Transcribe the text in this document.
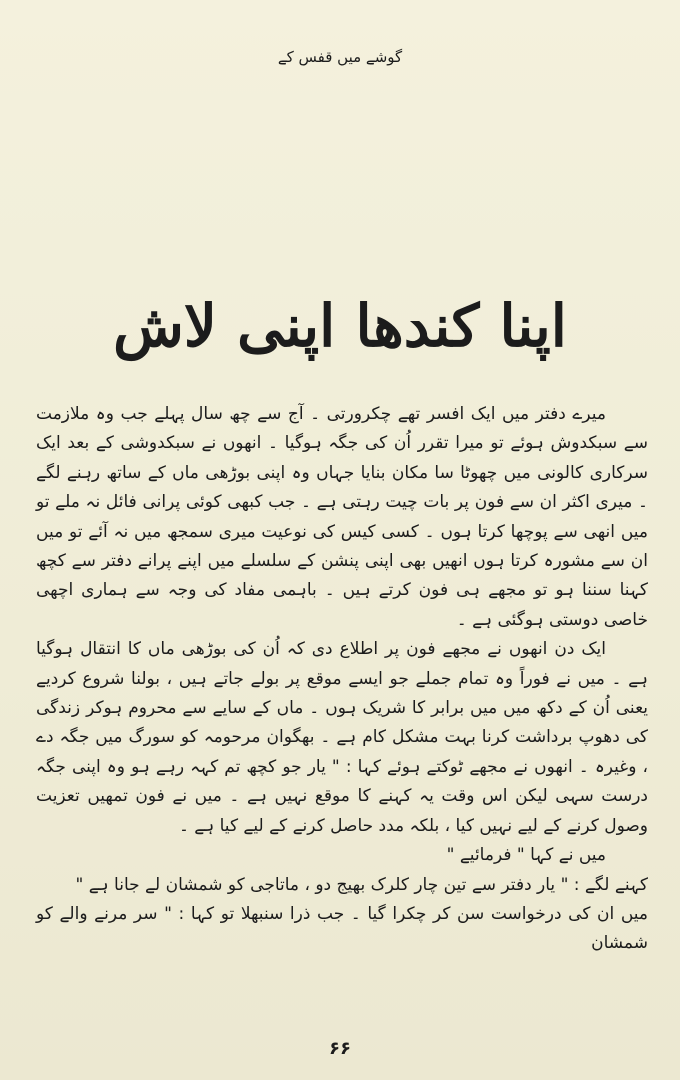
گوشے میں قفس کے
اپنا کندھا اپنی لاش

میرے دفتر میں ایک افسر تھے چکرورتی ۔ آج سے چھ سال پہلے جب وہ ملازمت سے سبکدوش ہوئے تو میرا تقرر اُن کی جگہ ہوگیا ۔ انھوں نے سبکدوشی کے بعد ایک سرکاری کالونی میں چھوٹا سا مکان بنایا جہاں وہ اپنی بوڑھی ماں کے ساتھ رہنے لگے ۔ میری اکثر ان سے فون پر بات چیت رہتی ہے ۔ جب کبھی کوئی پرانی فائل نہ ملے تو میں انھی سے پوچھا کرتا ہوں ۔ کسی کیس کی نوعیت میری سمجھ میں نہ آئے تو میں ان سے مشورہ کرتا ہوں انھیں بھی اپنی پنشن کے سلسلے میں اپنے پرانے دفتر سے کچھ کہنا سننا ہو تو مجھے ہی فون کرتے ہیں ۔ باہمی مفاد کی وجہ سے ہماری اچھی خاصی دوستی ہوگئی ہے ۔

ایک دن انھوں نے مجھے فون پر اطلاع دی کہ اُن کی بوڑھی ماں کا انتقال ہوگیا ہے ۔ میں نے فوراً وہ تمام جملے جو ایسے موقع پر بولے جاتے ہیں ، بولنا شروع کردیے یعنی اُن کے دکھ میں میں برابر کا شریک ہوں ۔ ماں کے سایے سے محروم ہوکر زندگی کی دھوپ برداشت کرنا بہت مشکل کام ہے ۔ بھگوان مرحومہ کو سورگ میں جگہ دے ، وغیرہ ۔ انھوں نے مجھے ٹوکتے ہوئے کہا : " یار جو کچھ تم کہہ رہے ہو وہ اپنی جگہ درست سہی لیکن اس وقت یہ کہنے کا موقع نہیں ہے ۔ میں نے فون تمھیں تعزیت وصول کرنے کے لیے نہیں کیا ، بلکہ مدد حاصل کرنے کے لیے کیا ہے ۔

میں نے کہا " فرمائیے "

کہنے لگے : " یار دفتر سے تین چار کلرک بھیج دو ، ماتاجی کو شمشان لے جانا ہے "

میں ان کی درخواست سن کر چکرا گیا ۔ جب ذرا سنبھلا تو کہا : " سر مرنے والے کو شمشان

۶۶
